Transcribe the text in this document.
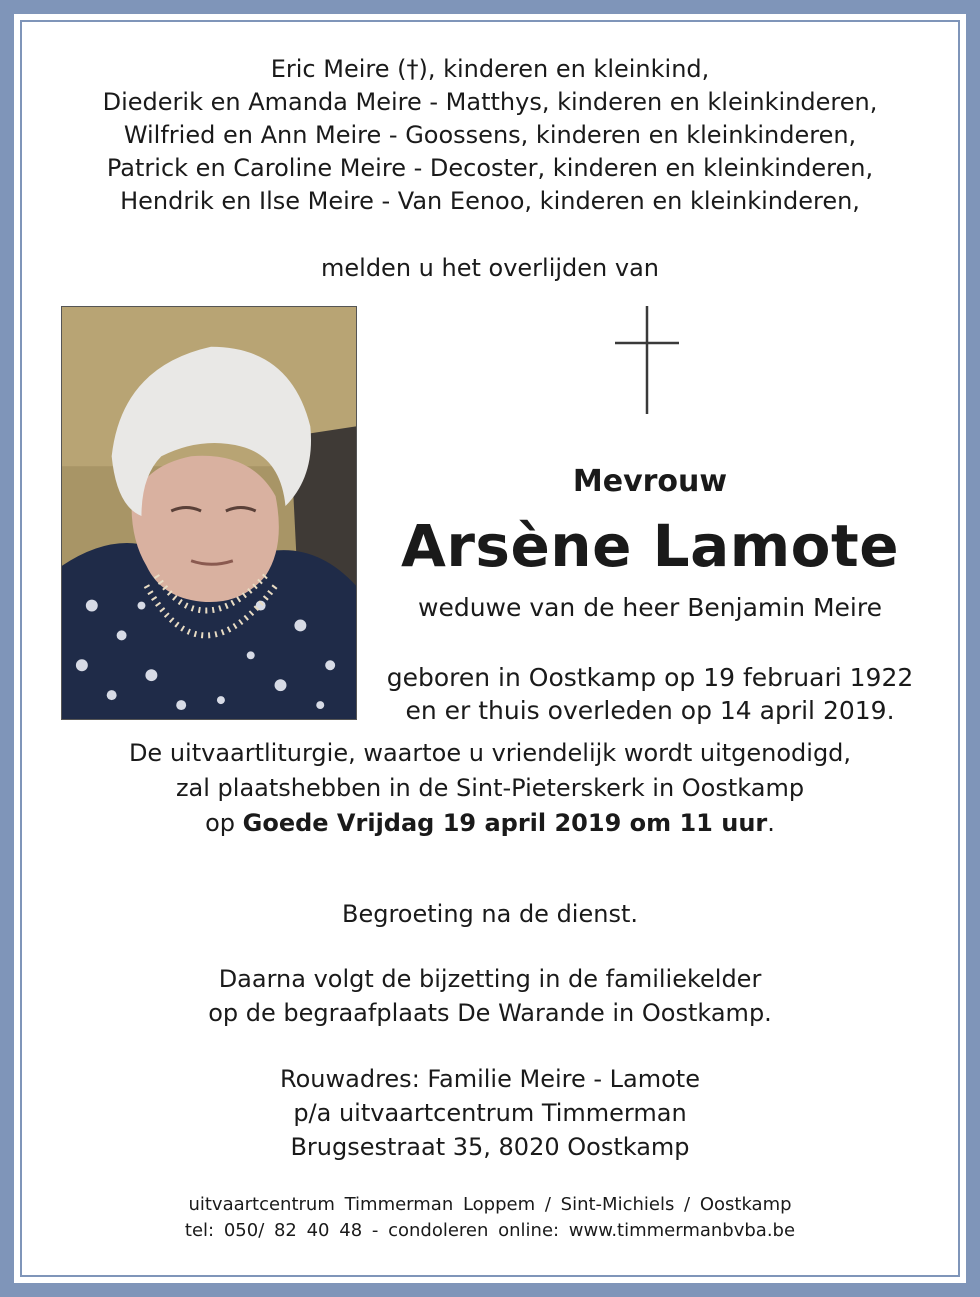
Eric Meire (†), kinderen en kleinkind,
Diederik en Amanda Meire - Matthys, kinderen en kleinkinderen,
Wilfried en Ann Meire - Goossens, kinderen en kleinkinderen,
Patrick en Caroline Meire - Decoster, kinderen en kleinkinderen,
Hendrik en Ilse Meire - Van Eenoo, kinderen en kleinkinderen,
melden u het overlijden van
Mevrouw
Arsène Lamote
weduwe van de heer Benjamin Meire
geboren in Oostkamp op 19 februari 1922
en er thuis overleden op 14 april 2019.
De uitvaartliturgie, waartoe u vriendelijk wordt uitgenodigd,
zal plaatshebben in de Sint-Pieterskerk in Oostkamp
op Goede Vrijdag 19 april 2019 om 11 uur.
Begroeting na de dienst.
Daarna volgt de bijzetting in de familiekelder
op de begraafplaats De Warande in Oostkamp.
Rouwadres: Familie Meire - Lamote
p/a uitvaartcentrum Timmerman
Brugsestraat 35, 8020 Oostkamp
uitvaartcentrum Timmerman Loppem / Sint-Michiels / Oostkamp
tel: 050/ 82 40 48 - condoleren online: www.timmermanbvba.be
